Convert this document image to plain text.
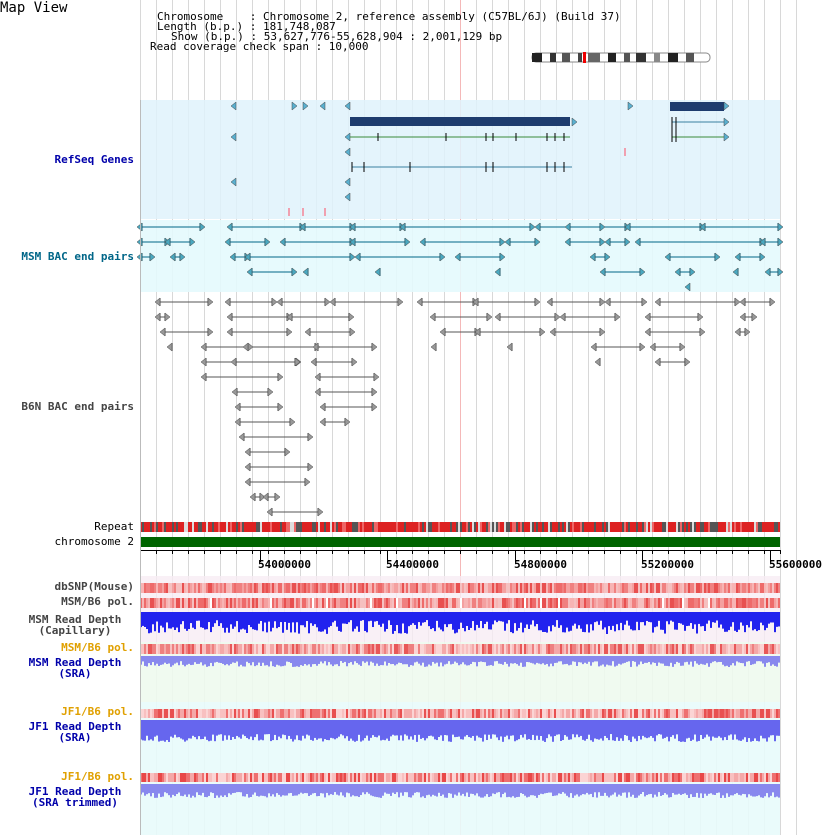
Map View
Chromosome    : Chromosome 2, reference assembly (C57BL/6J) (Build 37)
Length (b.p.) : 181,748,087
Show (b.p.) : 53,627,776-55,628,904 : 2,001,129 bp
Read coverage check span : 10,000
RefSeq Genes
MSM BAC end pairs
B6N BAC end pairs
Repeat
chromosome 2
dbSNP(Mouse)
MSM/B6 pol.
MSM Read Depth
(Capillary)
MSM/B6 pol.
MSM Read Depth
(SRA)
JF1/B6 pol.
JF1 Read Depth
(SRA)
JF1/B6 pol.
JF1 Read Depth
(SRA trimmed)
54000000	54400000	54800000	55200000	55600000
